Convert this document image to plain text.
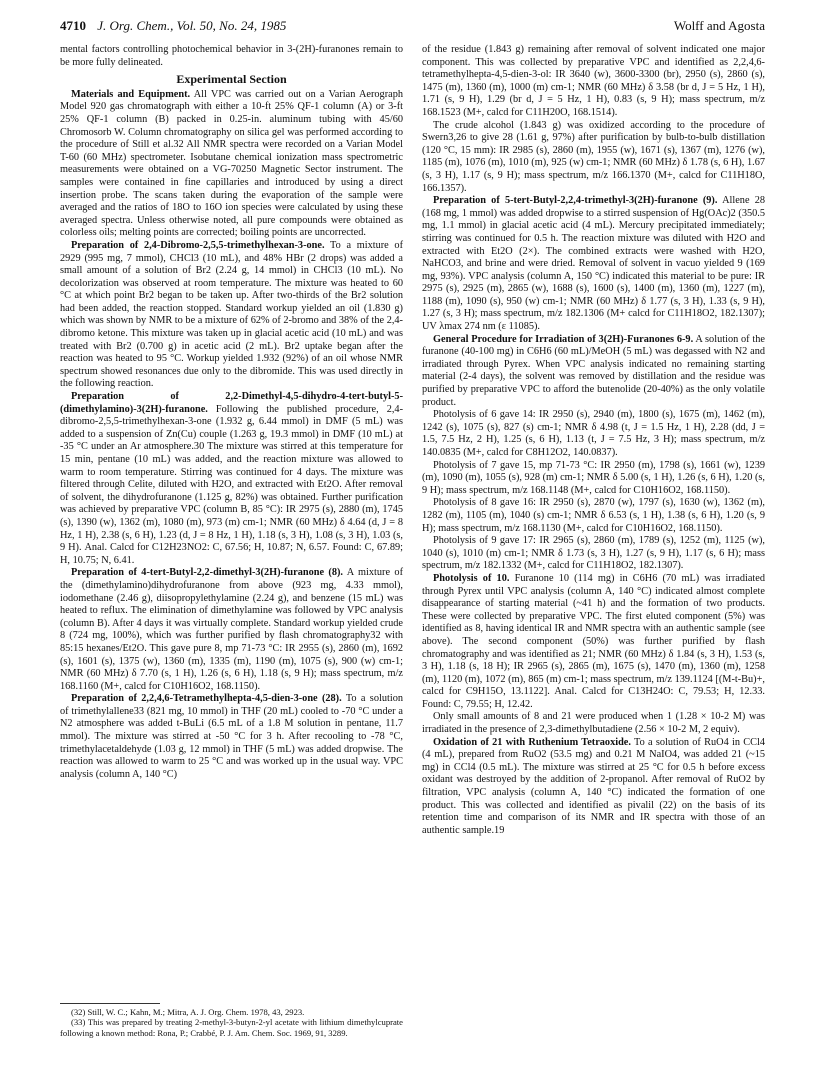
4710 J. Org. Chem., Vol. 50, No. 24, 1985	Wolff and Agosta

mental factors controlling photochemical behavior in 3-(2H)-furanones remain to be more fully delineated.

Experimental Section

Materials and Equipment. All VPC was carried out on a Varian Aerograph Model 920 gas chromatograph with either a 10-ft 25% QF-1 column (A) or 3-ft 25% QF-1 column (B) packed in 0.25-in. aluminum tubing with 45/60 Chromosorb W. Column chromatography on silica gel was performed according to the procedure of Still et al.32 All NMR spectra were recorded on a Varian Model T-60 (60 MHz) spectrometer. Isobutane chemical ionization mass spectrometric measurements were obtained on a VG-70250 Magnetic Sector instrument. The samples were contained in fine capillaries and introduced by using a direct insertion probe. The scans taken during the evaporation of the sample were averaged and the ratios of 18O to 16O ion species were calculated by using these averaged spectra. Unless otherwise noted, all pure compounds were obtained as colorless oils; melting points are corrected; boiling points are uncorrected.

Preparation of 2,4-Dibromo-2,5,5-trimethylhexan-3-one. To a mixture of 2929 (995 mg, 7 mmol), CHCl3 (10 mL), and 48% HBr (2 drops) was added a small amount of a solution of Br2 (2.24 g, 14 mmol) in CHCl3 (10 mL). No decolorization was observed at room temperature. The mixture was heated to 60 °C at which point Br2 began to be taken up. After two-thirds of the Br2 solution had been added, the reaction stopped. Standard workup yielded an oil (1.830 g) which was shown by NMR to be a mixture of 62% of 2-bromo and 38% of the 2,4-dibromo ketone. This mixture was taken up in glacial acetic acid (10 mL) and was treated with Br2 (0.700 g) in acetic acid (2 mL). Br2 uptake began after the reaction was heated to 95 °C. Workup yielded 1.932 (92%) of an oil whose NMR spectrum showed resonances due only to the dibromide. This was used directly in the following reaction.

Preparation of 2,2-Dimethyl-4,5-dihydro-4-tert-butyl-5-(dimethylamino)-3(2H)-furanone. Following the published procedure, 2,4-dibromo-2,5,5-trimethylhexan-3-one (1.932 g, 6.44 mmol) in DMF (5 mL) was added to a suspension of Zn(Cu) couple (1.263 g, 19.3 mmol) in DMF (10 mL) at -35 °C under an Ar atmosphere.30 The mixture was stirred at this temperature for 15 min, pentane (10 mL) was added, and the reaction mixture was allowed to warm to room temperature. Stirring was continued for 4 days. The mixture was filtered through Celite, diluted with H2O, and extracted with Et2O. After removal of solvent, the dihydrofuranone (1.125 g, 82%) was obtained. Further purification was achieved by preparative VPC (column B, 85 °C): IR 2975 (s), 2880 (m), 1745 (s), 1390 (w), 1362 (m), 1080 (m), 973 (m) cm-1; NMR (60 MHz) δ 4.64 (d, J = 8 Hz, 1 H), 2.38 (s, 6 H), 1.23 (d, J = 8 Hz, 1 H), 1.18 (s, 3 H), 1.08 (s, 3 H), 1.03 (s, 9 H). Anal. Calcd for C12H23NO2: C, 67.56; H, 10.87; N, 6.57. Found: C, 67.89; H, 10.75; N, 6.41.

Preparation of 4-tert-Butyl-2,2-dimethyl-3(2H)-furanone (8). A mixture of the (dimethylamino)dihydrofuranone from above (923 mg, 4.33 mmol), iodomethane (2.46 g), diisopropylethylamine (2.24 g), and benzene (15 mL) was heated to reflux. The elimination of dimethylamine was followed by VPC analysis (column B). After 4 days it was virtually complete. Standard workup yielded crude 8 (724 mg, 100%), which was further purified by flash chromatography32 with 85:15 hexanes/Et2O. This gave pure 8, mp 71-73 °C: IR 2955 (s), 2860 (m), 1692 (s), 1601 (s), 1375 (w), 1360 (m), 1335 (m), 1190 (m), 1075 (s), 900 (w) cm-1; NMR (60 MHz) δ 7.70 (s, 1 H), 1.26 (s, 6 H), 1.18 (s, 9 H); mass spectrum, m/z 168.1160 (M+, calcd for C10H16O2, 168.1150).

Preparation of 2,2,4,6-Tetramethylhepta-4,5-dien-3-one (28). To a solution of trimethylallene33 (821 mg, 10 mmol) in THF (20 mL) cooled to -70 °C under a N2 atmosphere was added t-BuLi (6.5 mL of a 1.8 M solution in pentane, 11.7 mmol). The mixture was stirred at -50 °C for 3 h. After recooling to -78 °C, trimethylacetaldehyde (1.03 g, 12 mmol) in THF (5 mL) was added dropwise. The reaction was allowed to warm to 25 °C and was worked up in the usual way. VPC analysis (column A, 140 °C)

(32) Still, W. C.; Kahn, M.; Mitra, A. J. Org. Chem. 1978, 43, 2923.

(33) This was prepared by treating 2-methyl-3-butyn-2-yl acetate with lithium dimethylcuprate following a known method: Rona, P.; Crabbé, P. J. Am. Chem. Soc. 1969, 91, 3289.

of the residue (1.843 g) remaining after removal of solvent indicated one major component. This was collected by preparative VPC and identified as 2,2,4,6-tetramethylhepta-4,5-dien-3-ol: IR 3640 (w), 3600-3300 (br), 2950 (s), 2860 (s), 1475 (m), 1360 (m), 1000 (m) cm-1; NMR (60 MHz) δ 3.58 (br d, J = 5 Hz, 1 H), 1.71 (s, 9 H), 1.29 (br d, J = 5 Hz, 1 H), 0.83 (s, 9 H); mass spectrum, m/z 168.1523 (M+, calcd for C11H20O, 168.1514).

The crude alcohol (1.843 g) was oxidized according to the procedure of Swern3,26 to give 28 (1.61 g, 97%) after purification by bulb-to-bulb distillation (120 °C, 15 mm): IR 2985 (s), 2860 (m), 1955 (w), 1671 (s), 1367 (m), 1276 (w), 1185 (m), 1076 (m), 1010 (m), 925 (w) cm-1; NMR (60 MHz) δ 1.78 (s, 6 H), 1.67 (s, 3 H), 1.17 (s, 9 H); mass spectrum, m/z 166.1370 (M+, calcd for C11H18O, 166.1357).

Preparation of 5-tert-Butyl-2,2,4-trimethyl-3(2H)-furanone (9). Allene 28 (168 mg, 1 mmol) was added dropwise to a stirred suspension of Hg(OAc)2 (350.5 mg, 1.1 mmol) in glacial acetic acid (4 mL). Mercury precipitated immediately; stirring was continued for 0.5 h. The reaction mixture was diluted with H2O and extracted with Et2O (2×). The combined extracts were washed with H2O, NaHCO3, and brine and were dried. Removal of solvent in vacuo yielded 9 (169 mg, 93%). VPC analysis (column A, 150 °C) indicated this material to be pure: IR 2975 (s), 2925 (m), 2865 (w), 1688 (s), 1600 (s), 1400 (m), 1360 (m), 1227 (m), 1188 (m), 1090 (s), 950 (w) cm-1; NMR (60 MHz) δ 1.77 (s, 3 H), 1.33 (s, 9 H), 1.27 (s, 3 H); mass spectrum, m/z 182.1306 (M+ calcd for C11H18O2, 182.1307); UV λmax 274 nm (ε 11085).

General Procedure for Irradiation of 3(2H)-Furanones 6-9. A solution of the furanone (40-100 mg) in C6H6 (60 mL)/MeOH (5 mL) was degassed with N2 and irradiated through Pyrex. When VPC analysis indicated no remaining starting material (2-4 days), the solvent was removed by distillation and the residue was purified by preparative VPC to afford the butenolide (20-40%) as the only volatile product.

Photolysis of 6 gave 14: IR 2950 (s), 2940 (m), 1800 (s), 1675 (m), 1462 (m), 1242 (s), 1075 (s), 827 (s) cm-1; NMR δ 4.98 (t, J = 1.5 Hz, 1 H), 2.28 (dd, J = 1.5, 7.5 Hz, 2 H), 1.25 (s, 6 H), 1.13 (t, J = 7.5 Hz, 3 H); mass spectrum, m/z 140.0835 (M+, calcd for C8H12O2, 140.0837).

Photolysis of 7 gave 15, mp 71-73 °C: IR 2950 (m), 1798 (s), 1661 (w), 1239 (m), 1090 (m), 1055 (s), 928 (m) cm-1; NMR δ 5.00 (s, 1 H), 1.26 (s, 6 H), 1.20 (s, 9 H); mass spectrum, m/z 168.1148 (M+, calcd for C10H16O2, 168.1150).

Photolysis of 8 gave 16: IR 2950 (s), 2870 (w), 1797 (s), 1630 (w), 1362 (m), 1282 (m), 1105 (m), 1040 (s) cm-1; NMR δ 6.53 (s, 1 H), 1.38 (s, 6 H), 1.20 (s, 9 H); mass spectrum, m/z 168.1130 (M+, calcd for C10H16O2, 168.1150).

Photolysis of 9 gave 17: IR 2965 (s), 2860 (m), 1789 (s), 1252 (m), 1125 (w), 1040 (s), 1010 (m) cm-1; NMR δ 1.73 (s, 3 H), 1.27 (s, 9 H), 1.17 (s, 6 H); mass spectrum, m/z 182.1332 (M+, calcd for C11H18O2, 182.1307).

Photolysis of 10. Furanone 10 (114 mg) in C6H6 (70 mL) was irradiated through Pyrex until VPC analysis (column A, 140 °C) indicated almost complete disappearance of starting material (~41 h) and the formation of two products. These were collected by preparative VPC. The first eluted component (5%) was identified as 8, having identical IR and NMR spectra with an authentic sample (see above). The second component (50%) was further purified by flash chromatography and was identified as 21; NMR (60 MHz) δ 1.84 (s, 3 H), 1.53 (s, 3 H), 1.18 (s, 18 H); IR 2965 (s), 2865 (m), 1675 (s), 1470 (m), 1360 (m), 1258 (m), 1120 (m), 1072 (m), 865 (m) cm-1; mass spectrum, m/z 139.1124 [(M-t-Bu)+, calcd for C9H15O, 13.1122]. Anal. Calcd for C13H24O: C, 79.53; H, 12.33. Found: C, 79.55; H, 12.42.

Only small amounts of 8 and 21 were produced when 1 (1.28 × 10-2 M) was irradiated in the presence of 2,3-dimethylbutadiene (2.56 × 10-2 M, 2 equiv).

Oxidation of 21 with Ruthenium Tetraoxide. To a solution of RuO4 in CCl4 (4 mL), prepared from RuO2 (53.5 mg) and 0.21 M NaIO4, was added 21 (~15 mg) in CCl4 (0.5 mL). The mixture was stirred at 25 °C for 0.5 h before excess oxidant was destroyed by the addition of 2-propanol. After removal of RuO2 by filtration, VPC analysis (column A, 140 °C) indicated the formation of one product. This was collected and identified as pivalil (22) on the basis of its retention time and comparison of its NMR and IR spectra with those of an authentic sample.19
